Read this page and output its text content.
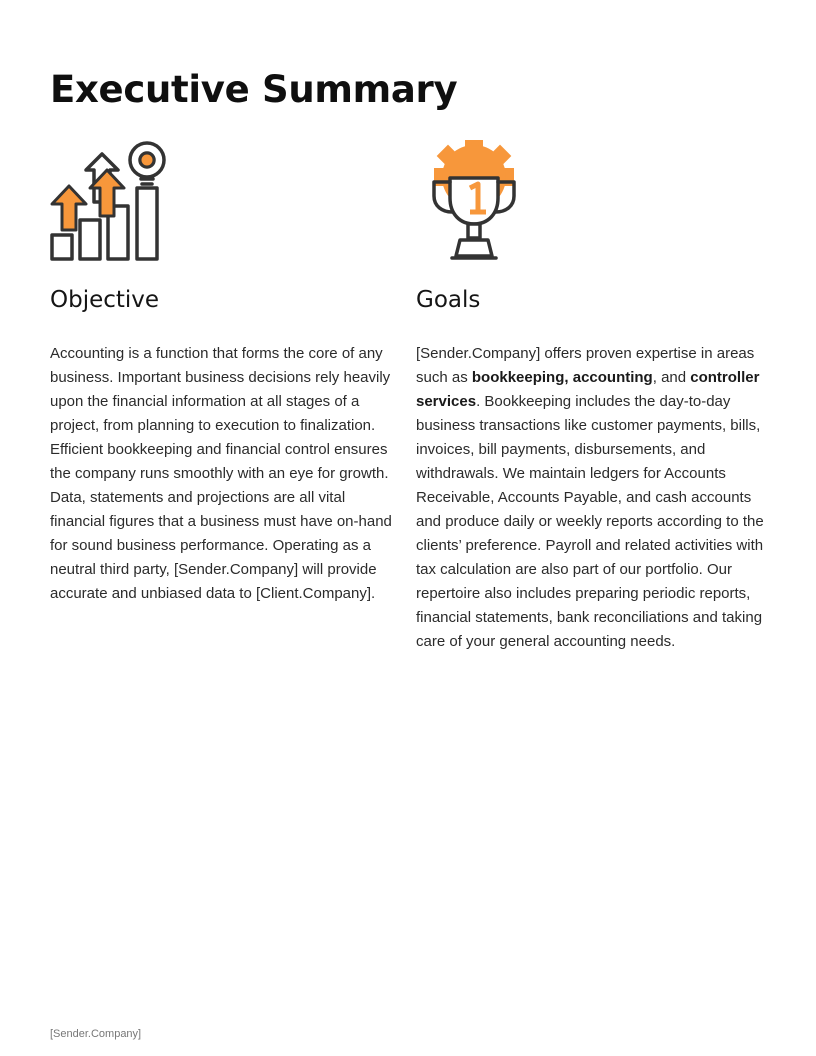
Executive Summary
Objective

Accounting is a function that forms the core of any business. Important business decisions rely heavily upon the financial information at all stages of a project, from planning to execution to finalization. Efficient bookkeeping and financial control ensures the company runs smoothly with an eye for growth. Data, statements and projections are all vital financial figures that a business must have on-hand for sound business performance. Operating as a neutral third party, [Sender.Company] will provide accurate and unbiased data to [Client.Company].

Goals

[Sender.Company] offers proven expertise in areas such as bookkeeping, accounting, and controller services. Bookkeeping includes the day-to-day business transactions like customer payments, bills, invoices, bill payments, disbursements, and withdrawals. We maintain ledgers for Accounts Receivable, Accounts Payable, and cash accounts and produce daily or weekly reports according to the clients’ preference. Payroll and related activities with tax calculation are also part of our portfolio. Our repertoire also includes preparing periodic reports, financial statements, bank reconciliations and taking care of your general accounting needs.

[Sender.Company]
